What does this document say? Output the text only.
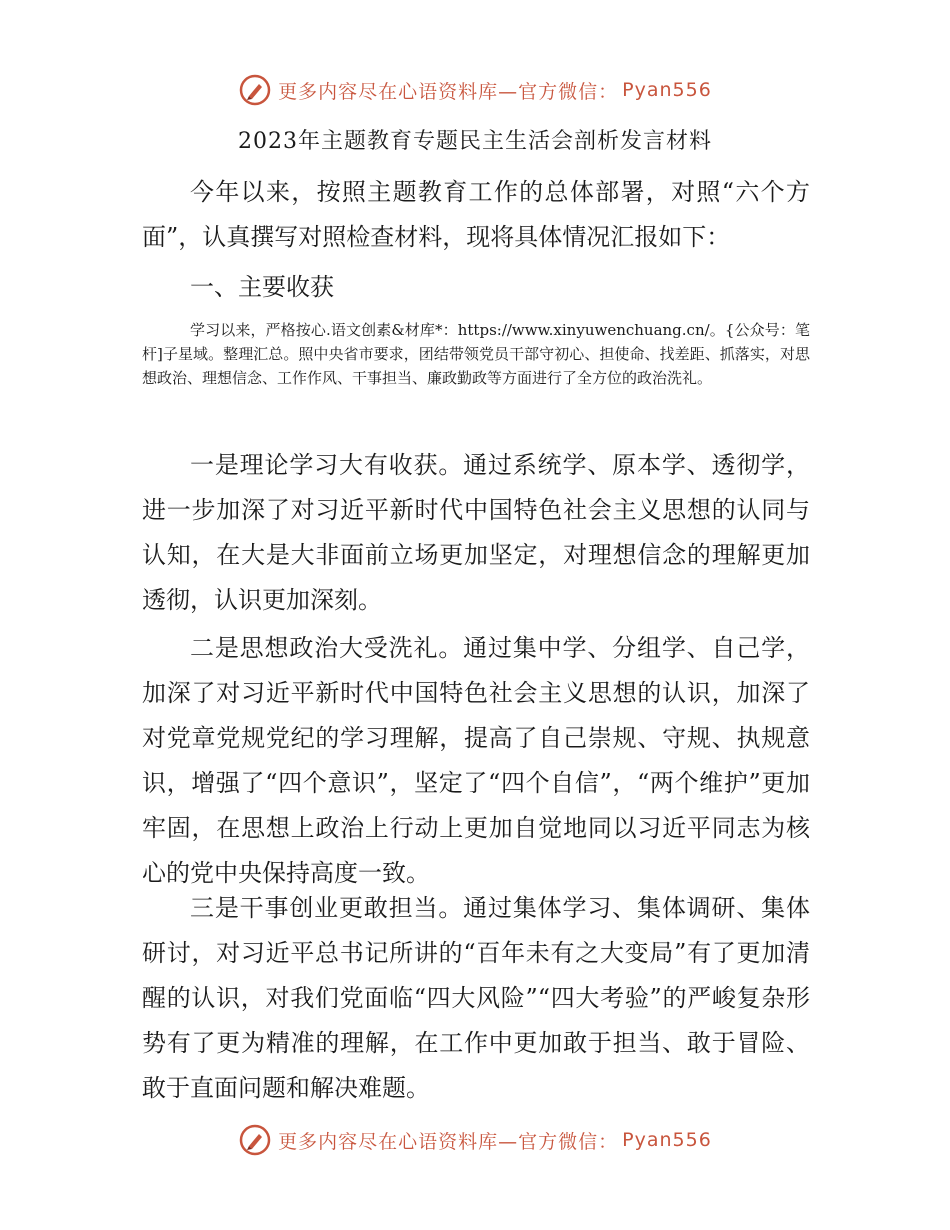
更多内容尽在心语资料库—官方微信： Pyan556
2023年主题教育专题民主生活会剖析发言材料

今年以来，按照主题教育工作的总体部署，对照“六个方面”，认真撰写对照检查材料，现将具体情况汇报如下：

一、主要收获

学习以来，严格按心.语文创素&材库*：https://www.xinyuwenchuang.cn/。{公众号：笔杆]子星域。整理汇总。照中央省市要求，团结带领党员干部守初心、担使命、找差距、抓落实，对思想政治、理想信念、工作作风、干事担当、廉政勤政等方面进行了全方位的政治洗礼。

一是理论学习大有收获。通过系统学、原本学、透彻学，进一步加深了对习近平新时代中国特色社会主义思想的认同与认知，在大是大非面前立场更加坚定，对理想信念的理解更加透彻，认识更加深刻。

二是思想政治大受洗礼。通过集中学、分组学、自己学，加深了对习近平新时代中国特色社会主义思想的认识，加深了对党章党规党纪的学习理解，提高了自己崇规、守规、执规意识，增强了“四个意识”，坚定了“四个自信”，“两个维护”更加牢固，在思想上政治上行动上更加自觉地同以习近平同志为核心的党中央保持高度一致。

三是干事创业更敢担当。通过集体学习、集体调研、集体研讨，对习近平总书记所讲的“百年未有之大变局”有了更加清醒的认识，对我们党面临“四大风险”“四大考验”的严峻复杂形势有了更为精准的理解，在工作中更加敢于担当、敢于冒险、敢于直面问题和解决难题。

更多内容尽在心语资料库—官方微信： Pyan556
